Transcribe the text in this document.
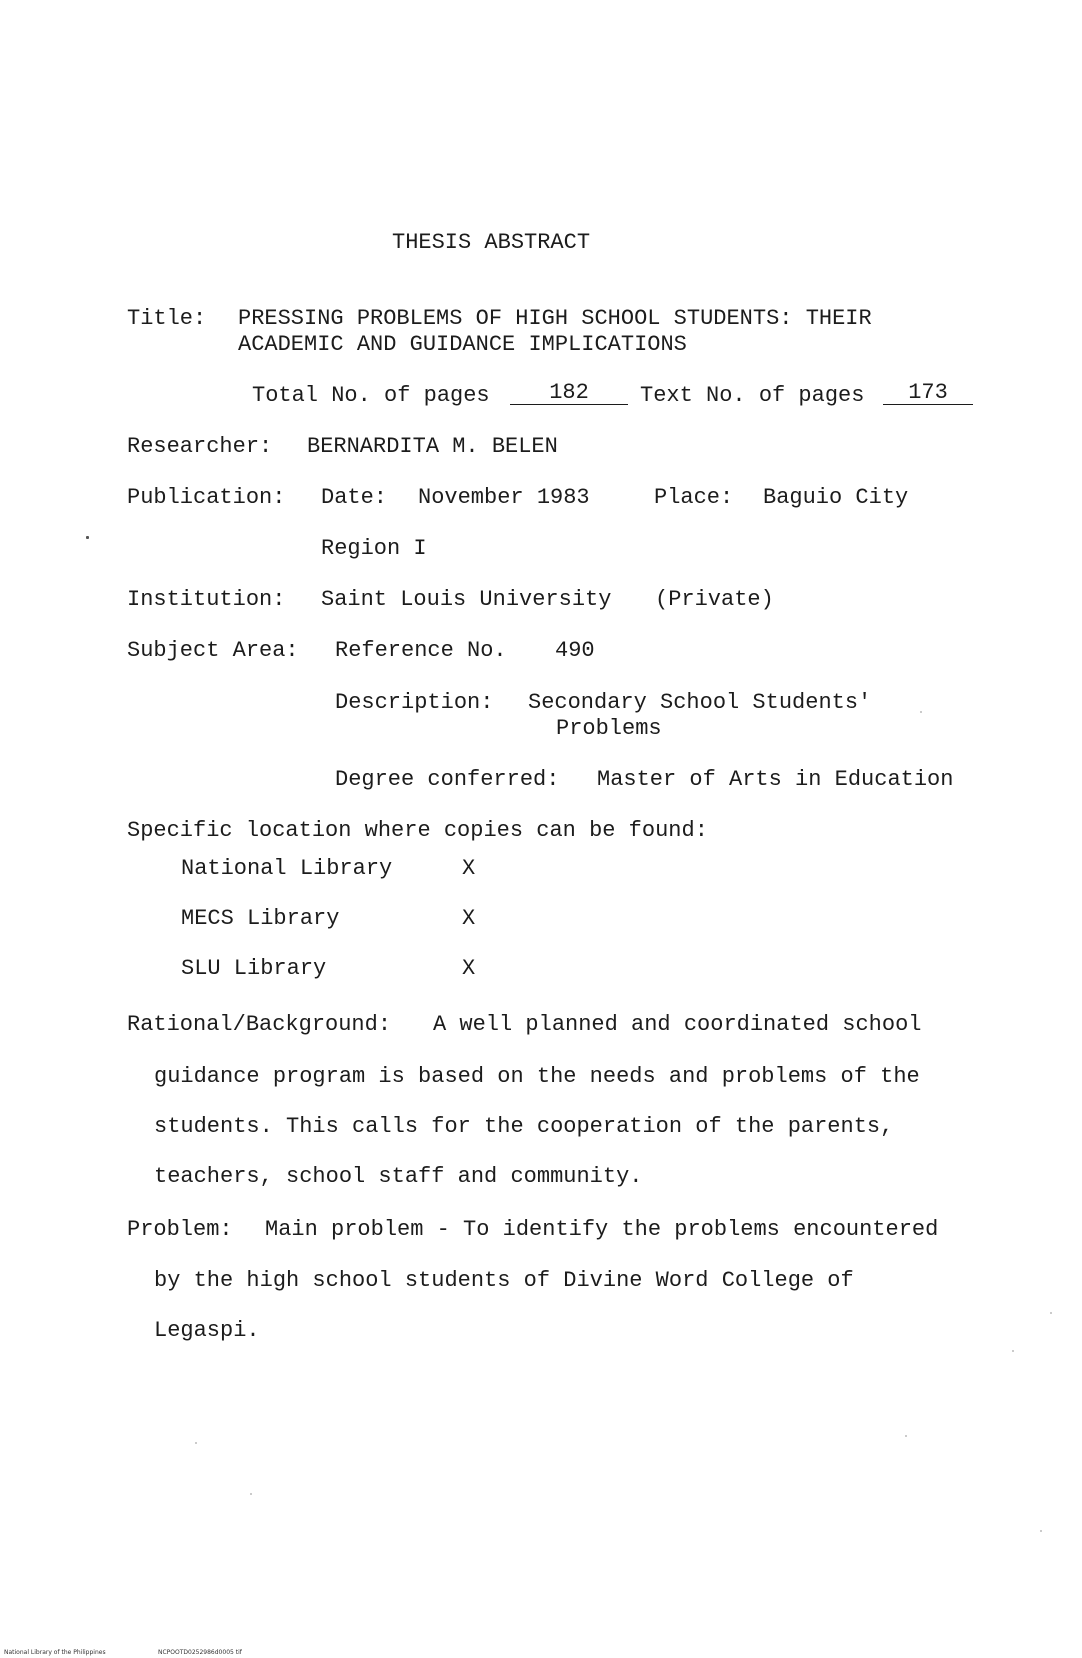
THESIS ABSTRACT
Title: PRESSING PROBLEMS OF HIGH SCHOOL STUDENTS: THEIR
ACADEMIC AND GUIDANCE IMPLICATIONS
Total No. of pages	182	Text No. of pages	173
Researcher: BERNARDITA M. BELEN
Publication: Date: November 1983	Place: Baguio City
Region I
Institution: Saint Louis University (Private)
Subject Area: Reference No. 490
Description: Secondary School Students'
Problems
Degree conferred: Master of Arts in Education
Specific location where copies can be found:
National Library	X
MECS Library	X
SLU Library	X
Rational/Background: A well planned and coordinated school
guidance program is based on the needs and problems of the
students. This calls for the cooperation of the parents,
teachers, school staff and community.
Problem: Main problem - To identify the problems encountered
by the high school students of Divine Word College of
Legaspi.
National Library of the Philippines	NCPOOTD0252986d0005 tif
